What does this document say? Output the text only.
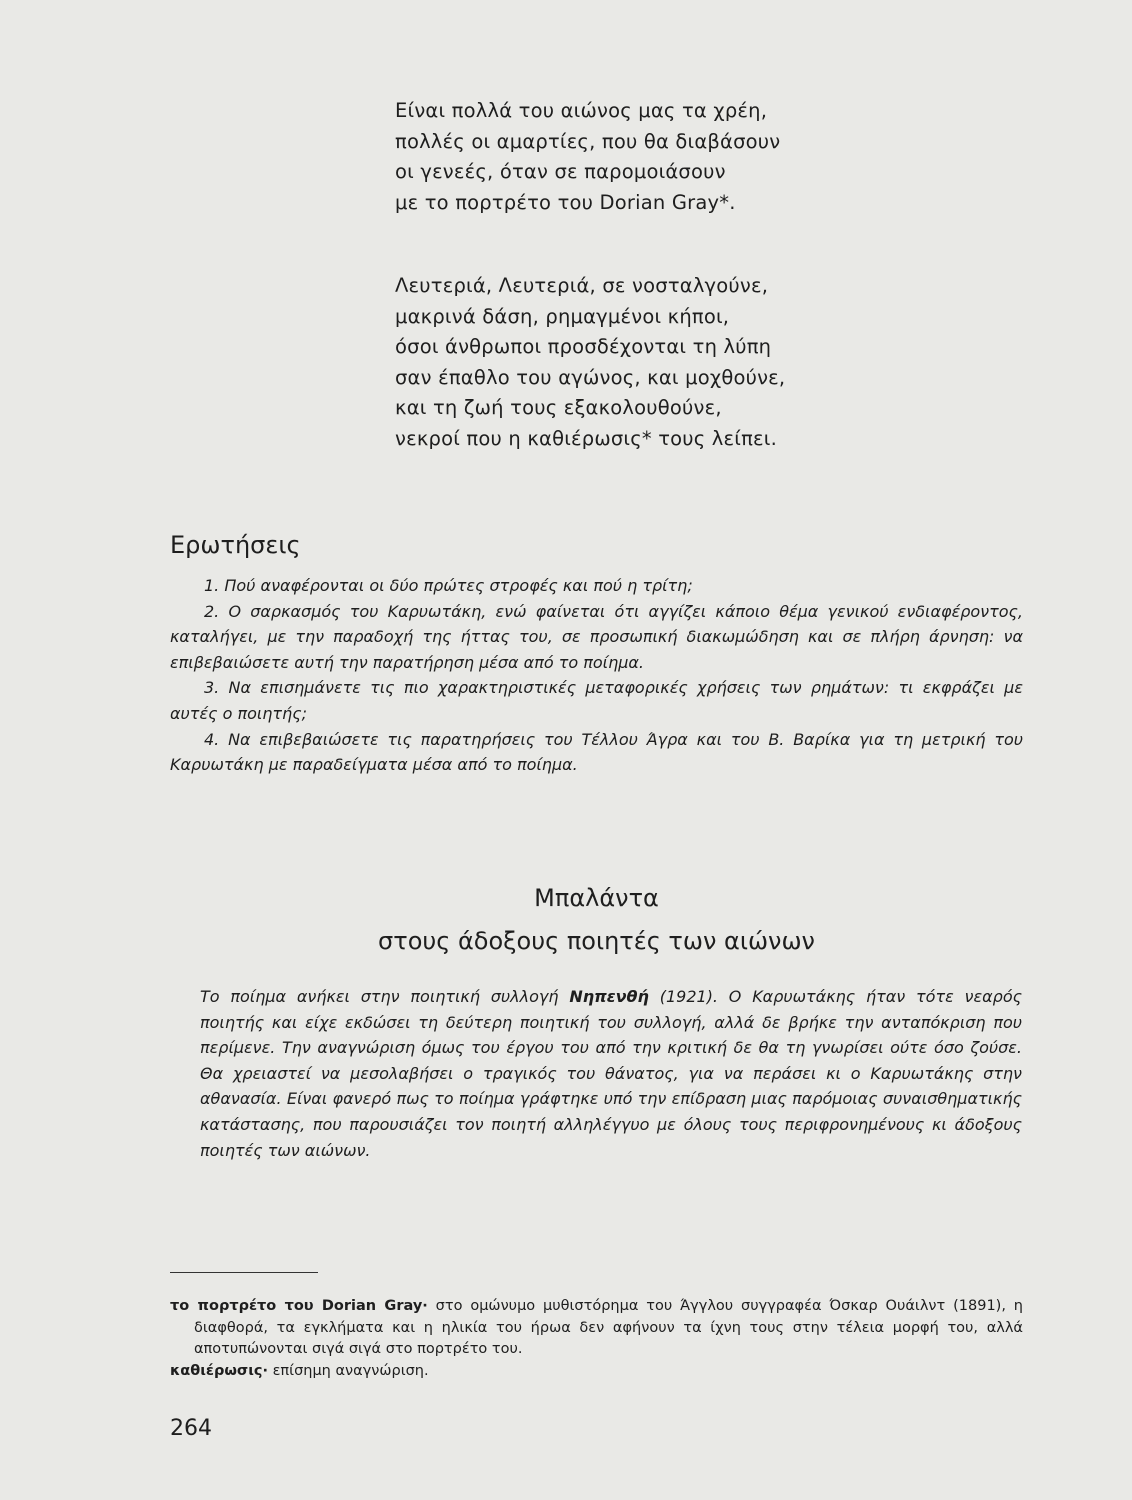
Είναι πολλά του αιώνος μας τα χρέη,
πολλές οι αμαρτίες, που θα διαβάσουν
οι γενεές, όταν σε παρομοιάσουν
με το πορτρέτο του Dorian Gray*.
Λευτεριά, Λευτεριά, σε νοσταλγούνε,
μακρινά δάση, ρημαγμένοι κήποι,
όσοι άνθρωποι προσδέχονται τη λύπη
σαν έπαθλο του αγώνος, και μοχθούνε,
και τη ζωή τους εξακολουθούνε,
νεκροί που η καθιέρωσις* τους λείπει.
Ερωτήσεις

1. Πού αναφέρονται οι δύο πρώτες στροφές και πού η τρίτη;

2. Ο σαρκασμός του Καρυωτάκη, ενώ φαίνεται ότι αγγίζει κάποιο θέμα γενικού ενδιαφέροντος, καταλήγει, με την παραδοχή της ήττας του, σε προσωπική διακωμώδηση και σε πλήρη άρνηση: να επιβεβαιώσετε αυτή την παρατήρηση μέσα από το ποίημα.

3. Να επισημάνετε τις πιο χαρακτηριστικές μεταφορικές χρήσεις των ρημάτων: τι εκφράζει με αυτές ο ποιητής;

4. Να επιβεβαιώσετε τις παρατηρήσεις του Τέλλου Άγρα και του Β. Βαρίκα για τη μετρική του Καρυωτάκη με παραδείγματα μέσα από το ποίημα.

Μπαλάντα
στους άδοξους ποιητές των αιώνων

Το ποίημα ανήκει στην ποιητική συλλογή Νηπενθή (1921). Ο Καρυωτάκης ήταν τότε νεαρός ποιητής και είχε εκδώσει τη δεύτερη ποιητική του συλλογή, αλλά δε βρήκε την ανταπόκριση που περίμενε. Την αναγνώριση όμως του έργου του από την κριτική δε θα τη γνωρίσει ούτε όσο ζούσε. Θα χρειαστεί να μεσολαβήσει ο τραγικός του θάνατος, για να περάσει κι ο Καρυωτάκης στην αθανασία. Είναι φανερό πως το ποίημα γράφτηκε υπό την επίδραση μιας παρόμοιας συναισθηματικής κατάστασης, που παρουσιάζει τον ποιητή αλληλέγγυο με όλους τους περιφρονημένους κι άδοξους ποιητές των αιώνων.

το πορτρέτο του Dorian Gray· στο ομώνυμο μυθιστόρημα του Άγγλου συγγραφέα Όσκαρ Ουάιλντ (1891), η διαφθορά, τα εγκλήματα και η ηλικία του ήρωα δεν αφήνουν τα ίχνη τους στην τέλεια μορφή του, αλλά αποτυπώνονται σιγά σιγά στο πορτρέτο του.

καθιέρωσις· επίσημη αναγνώριση.

264
